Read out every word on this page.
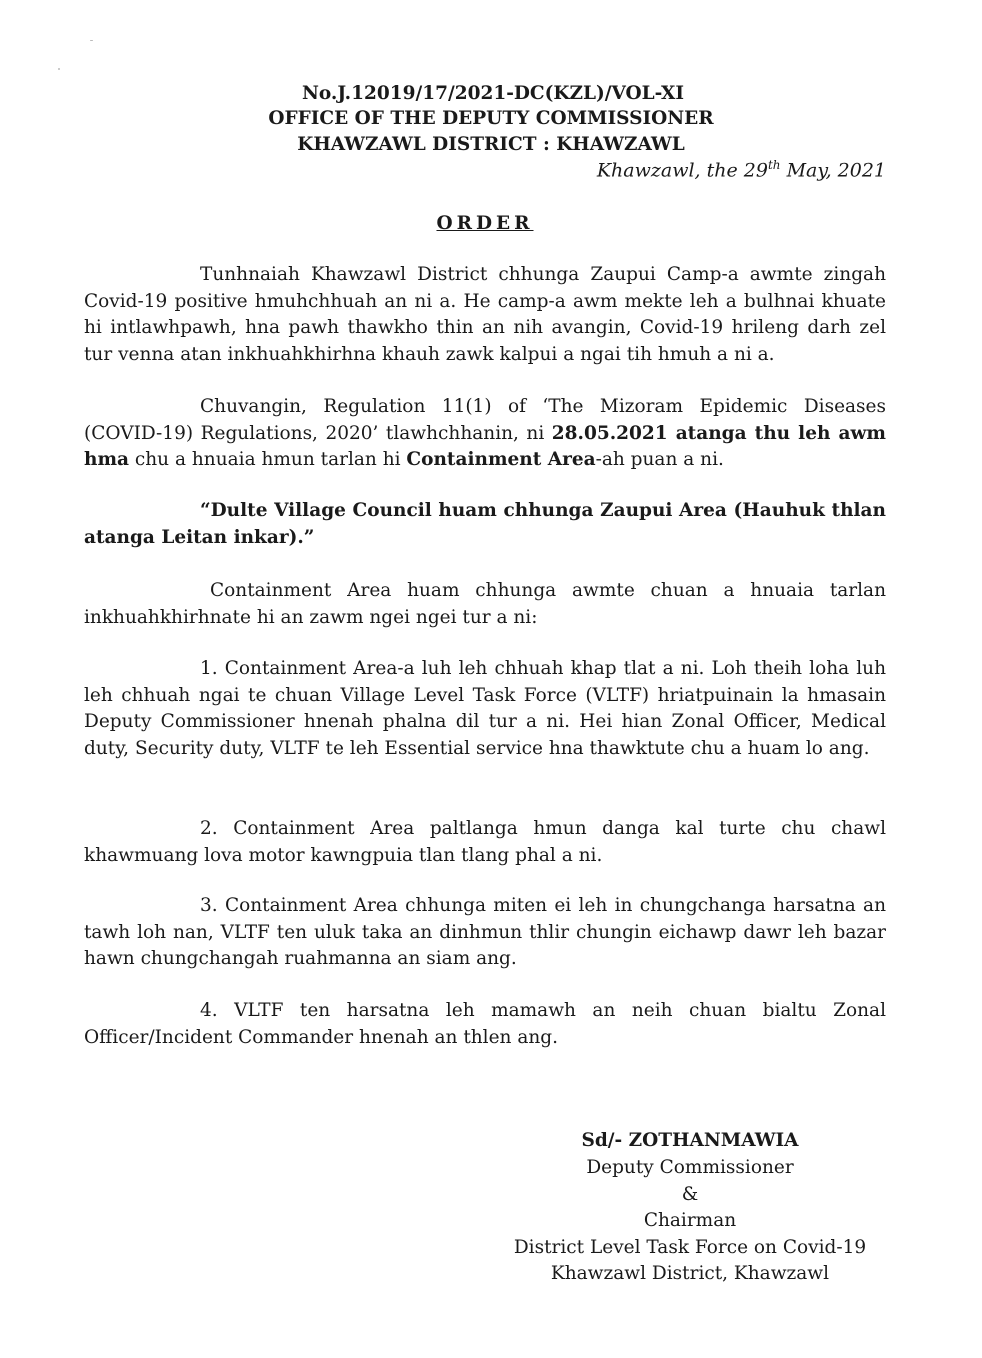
No.J.12019/17/2021-DC(KZL)/VOL-XI
OFFICE OF THE DEPUTY COMMISSIONER
KHAWZAWL DISTRICT : KHAWZAWL
Khawzawl, the 29th May, 2021
ORDER
Tunhnaiah Khawzawl District chhunga Zaupui Camp-a awmte zingah Covid-19 positive hmuhchhuah an ni a. He camp-a awm mekte leh a bulhnai khuate hi intlawhpawh, hna pawh thawkho thin an nih avangin, Covid-19 hrileng darh zel tur venna atan inkhuahkhirhna khauh zawk kalpui a ngai tih hmuh a ni a.
Chuvangin, Regulation 11(1) of ‘The Mizoram Epidemic Diseases (COVID-19) Regulations, 2020’ tlawhchhanin, ni 28.05.2021 atanga thu leh awm hma chu a hnuaia hmun tarlan hi Containment Area-ah puan a ni.
“Dulte Village Council huam chhunga Zaupui Area (Hauhuk thlan atanga Leitan inkar).”
Containment Area huam chhunga awmte chuan a hnuaia tarlan inkhuahkhirhnate hi an zawm ngei ngei tur a ni:
1. Containment Area-a luh leh chhuah khap tlat a ni. Loh theih loha luh leh chhuah ngai te chuan Village Level Task Force (VLTF) hriatpuinain la hmasain Deputy Commissioner hnenah phalna dil tur a ni. Hei hian Zonal Officer, Medical duty, Security duty, VLTF te leh Essential service hna thawktute chu a huam lo ang.
2. Containment Area paltlanga hmun danga kal turte chu chawl khawmuang lova motor kawngpuia tlan tlang phal a ni.
3. Containment Area chhunga miten ei leh in chungchanga harsatna an tawh loh nan, VLTF ten uluk taka an dinhmun thlir chungin eichawp dawr leh bazar hawn chungchangah ruahmanna an siam ang.
4. VLTF ten harsatna leh mamawh an neih chuan bialtu Zonal Officer/Incident Commander hnenah an thlen ang.
Sd/- ZOTHANMAWIA
Deputy Commissioner
&
Chairman
District Level Task Force on Covid-19
Khawzawl District, Khawzawl
